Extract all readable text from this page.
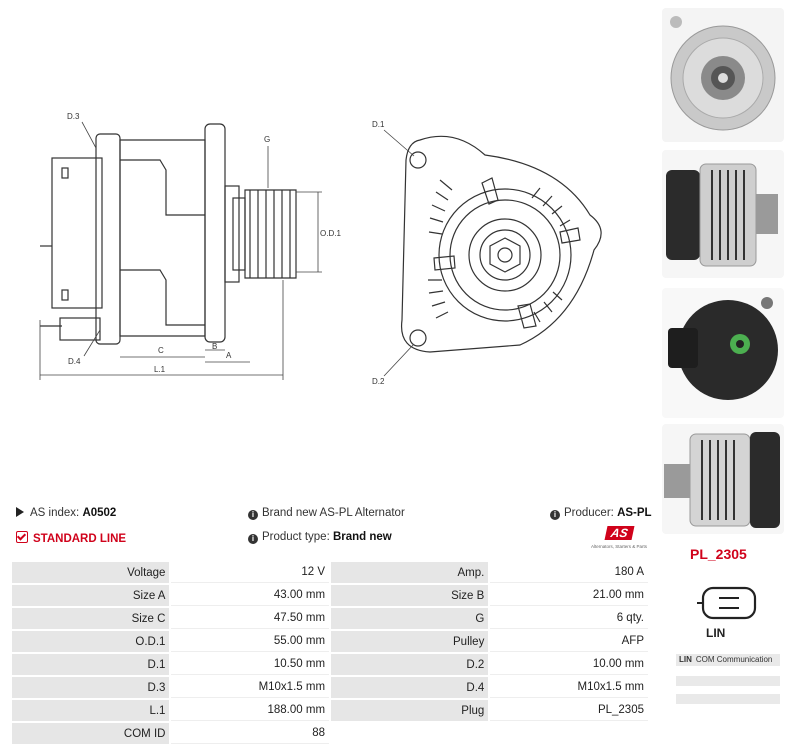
D.3
D.4
G
O.D.1
C	B
A
L.1
D.1
D.2
AS index: A0502	i Brand new AS-PL Alternator	i Producer: AS-PL
STANDARD LINE	i Product type: Brand new	AS
Alternators, Starters & Parts
Voltage	12 V	Amp.	180 A
Size A	43.00 mm	Size B	21.00 mm
Size C	47.50 mm	G	6 qty.
O.D.1	55.00 mm	Pulley	AFP
D.1	10.50 mm	D.2	10.00 mm
D.3	M10x1.5 mm	D.4	M10x1.5 mm
L.1	188.00 mm	Plug	PL_2305
COM ID	88		
PL_2305
LIN
LIN COM Communication
